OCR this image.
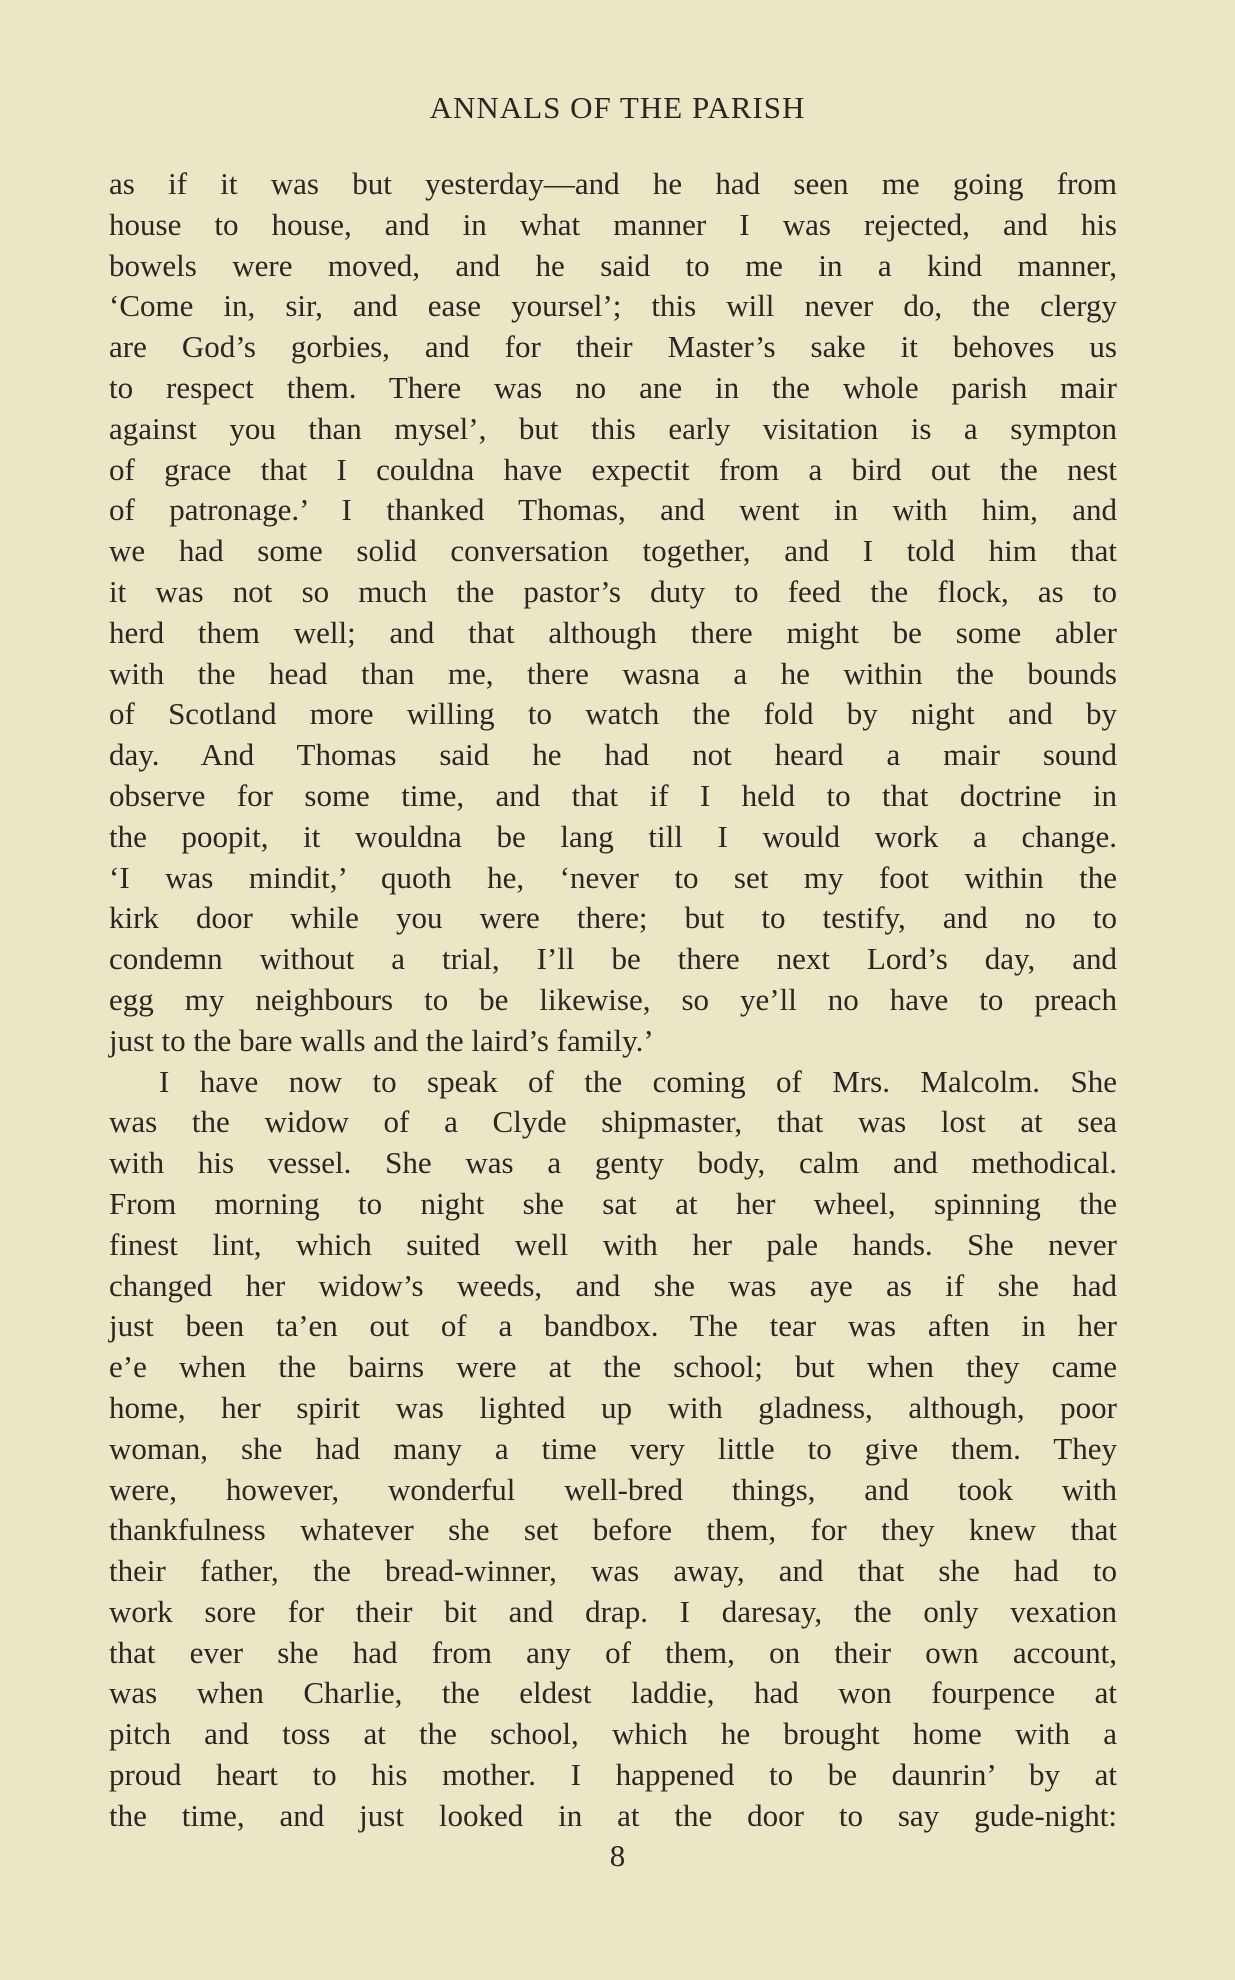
ANNALS OF THE PARISH
as if it was but yesterday—and he had seen me going from
house to house, and in what manner I was rejected, and his
bowels were moved, and he said to me in a kind manner,
‘Come in, sir, and ease yoursel’; this will never do, the clergy
are God’s gorbies, and for their Master’s sake it behoves us
to respect them. There was no ane in the whole parish mair
against you than mysel’, but this early visitation is a sympton
of grace that I couldna have expectit from a bird out the nest
of patronage.’ I thanked Thomas, and went in with him, and
we had some solid conversation together, and I told him that
it was not so much the pastor’s duty to feed the flock, as to
herd them well; and that although there might be some abler
with the head than me, there wasna a he within the bounds
of Scotland more willing to watch the fold by night and by
day. And Thomas said he had not heard a mair sound
observe for some time, and that if I held to that doctrine in
the poopit, it wouldna be lang till I would work a change.
‘I was mindit,’ quoth he, ‘never to set my foot within the
kirk door while you were there; but to testify, and no to
condemn without a trial, I’ll be there next Lord’s day, and
egg my neighbours to be likewise, so ye’ll no have to preach
just to the bare walls and the laird’s family.’
I have now to speak of the coming of Mrs. Malcolm. She
was the widow of a Clyde shipmaster, that was lost at sea
with his vessel. She was a genty body, calm and methodical.
From morning to night she sat at her wheel, spinning the
finest lint, which suited well with her pale hands. She never
changed her widow’s weeds, and she was aye as if she had
just been ta’en out of a bandbox. The tear was aften in her
e’e when the bairns were at the school; but when they came
home, her spirit was lighted up with gladness, although, poor
woman, she had many a time very little to give them. They
were, however, wonderful well-bred things, and took with
thankfulness whatever she set before them, for they knew that
their father, the bread-winner, was away, and that she had to
work sore for their bit and drap. I daresay, the only vexation
that ever she had from any of them, on their own account,
was when Charlie, the eldest laddie, had won fourpence at
pitch and toss at the school, which he brought home with a
proud heart to his mother. I happened to be daunrin’ by at
the time, and just looked in at the door to say gude-night:
8
